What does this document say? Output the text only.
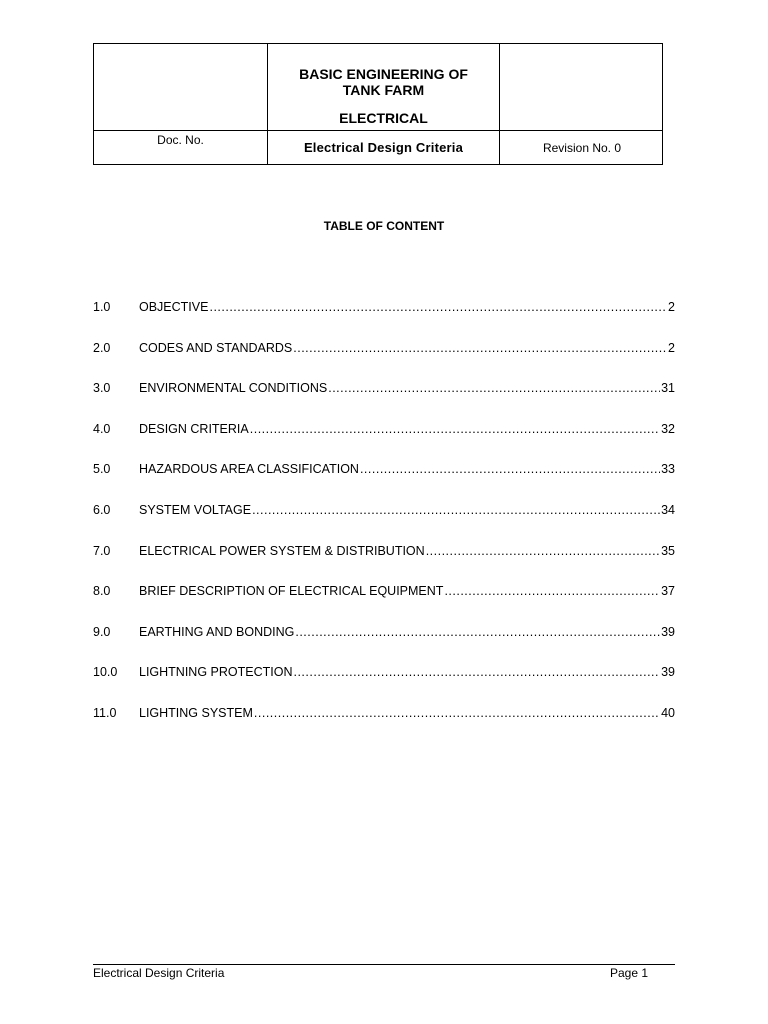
BASIC ENGINEERING OF
TANK FARM
ELECTRICAL
Doc. No.	Electrical Design Criteria	Revision No. 0
TABLE OF CONTENT
1.0	OBJECTIVE .....	2
2.0	CODES AND STANDARDS .....	2
3.0	ENVIRONMENTAL CONDITIONS .....	31
4.0	DESIGN CRITERIA .....	32
5.0	HAZARDOUS AREA CLASSIFICATION .....	33
6.0	SYSTEM VOLTAGE .....	34
7.0	ELECTRICAL POWER SYSTEM & DISTRIBUTION .....	35
8.0	BRIEF DESCRIPTION OF ELECTRICAL EQUIPMENT .....	37
9.0	EARTHING AND BONDING .....	39
10.0	LIGHTNING PROTECTION .....	39
11.0	LIGHTING SYSTEM .....	40
Electrical Design Criteria	Page 1
